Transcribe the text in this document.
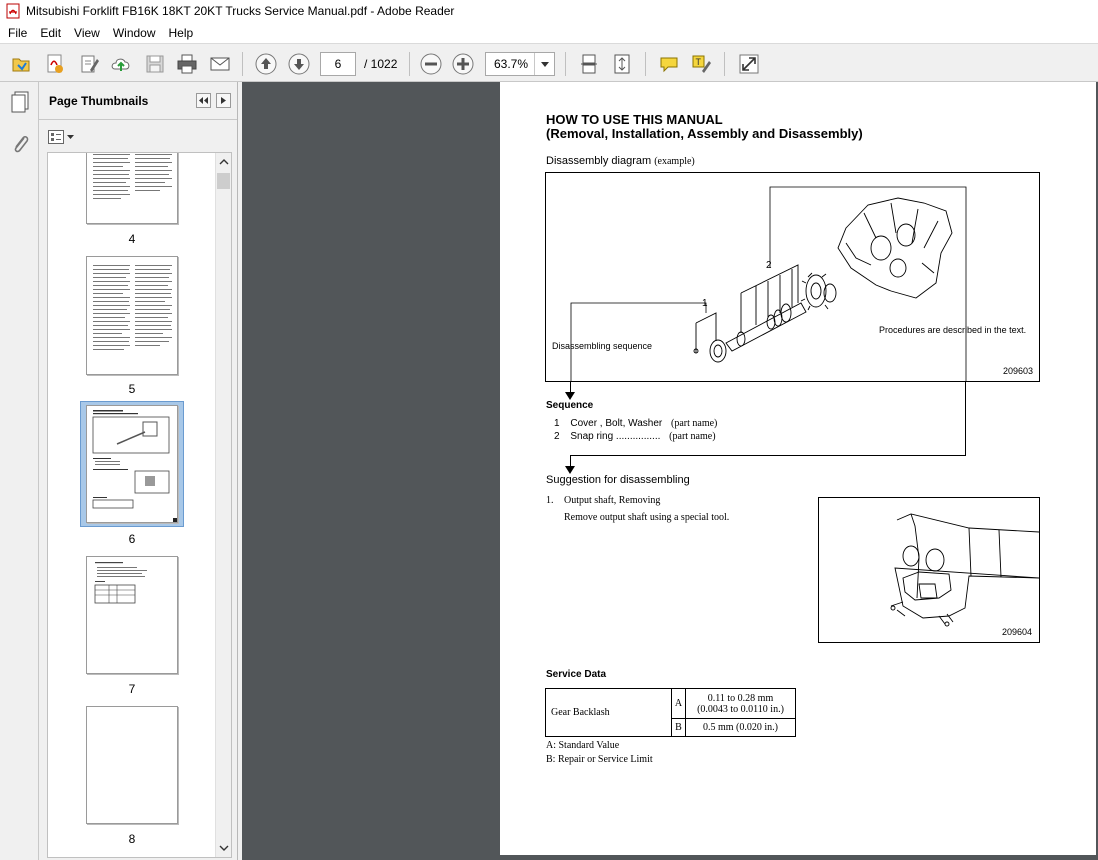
Mitsubishi Forklift FB16K 18KT 20KT Trucks Service Manual.pdf - Adobe Reader
File	Edit	View	Window	Help
6	/ 1022	63.7%	T
Page Thumbnails
4
5
6
7
8
HOW TO USE THIS MANUAL
(Removal, Installation, Assembly and Disassembly)
Disassembly diagram (example)
2
1
Disassembling sequence
Procedures are described in the text.
209603
Sequence
1 Cover , Bolt, Washer (part name)
2 Snap ring ................ (part name)
Suggestion for disassembling
1. Output shaft, Removing
Remove output shaft using a special tool.
209604
Service Data
Gear Backlash	A	0.11 to 0.28 mm
(0.0043 to 0.0110 in.)

	B	0.5 mm (0.020 in.)
A: Standard Value
B: Repair or Service Limit
